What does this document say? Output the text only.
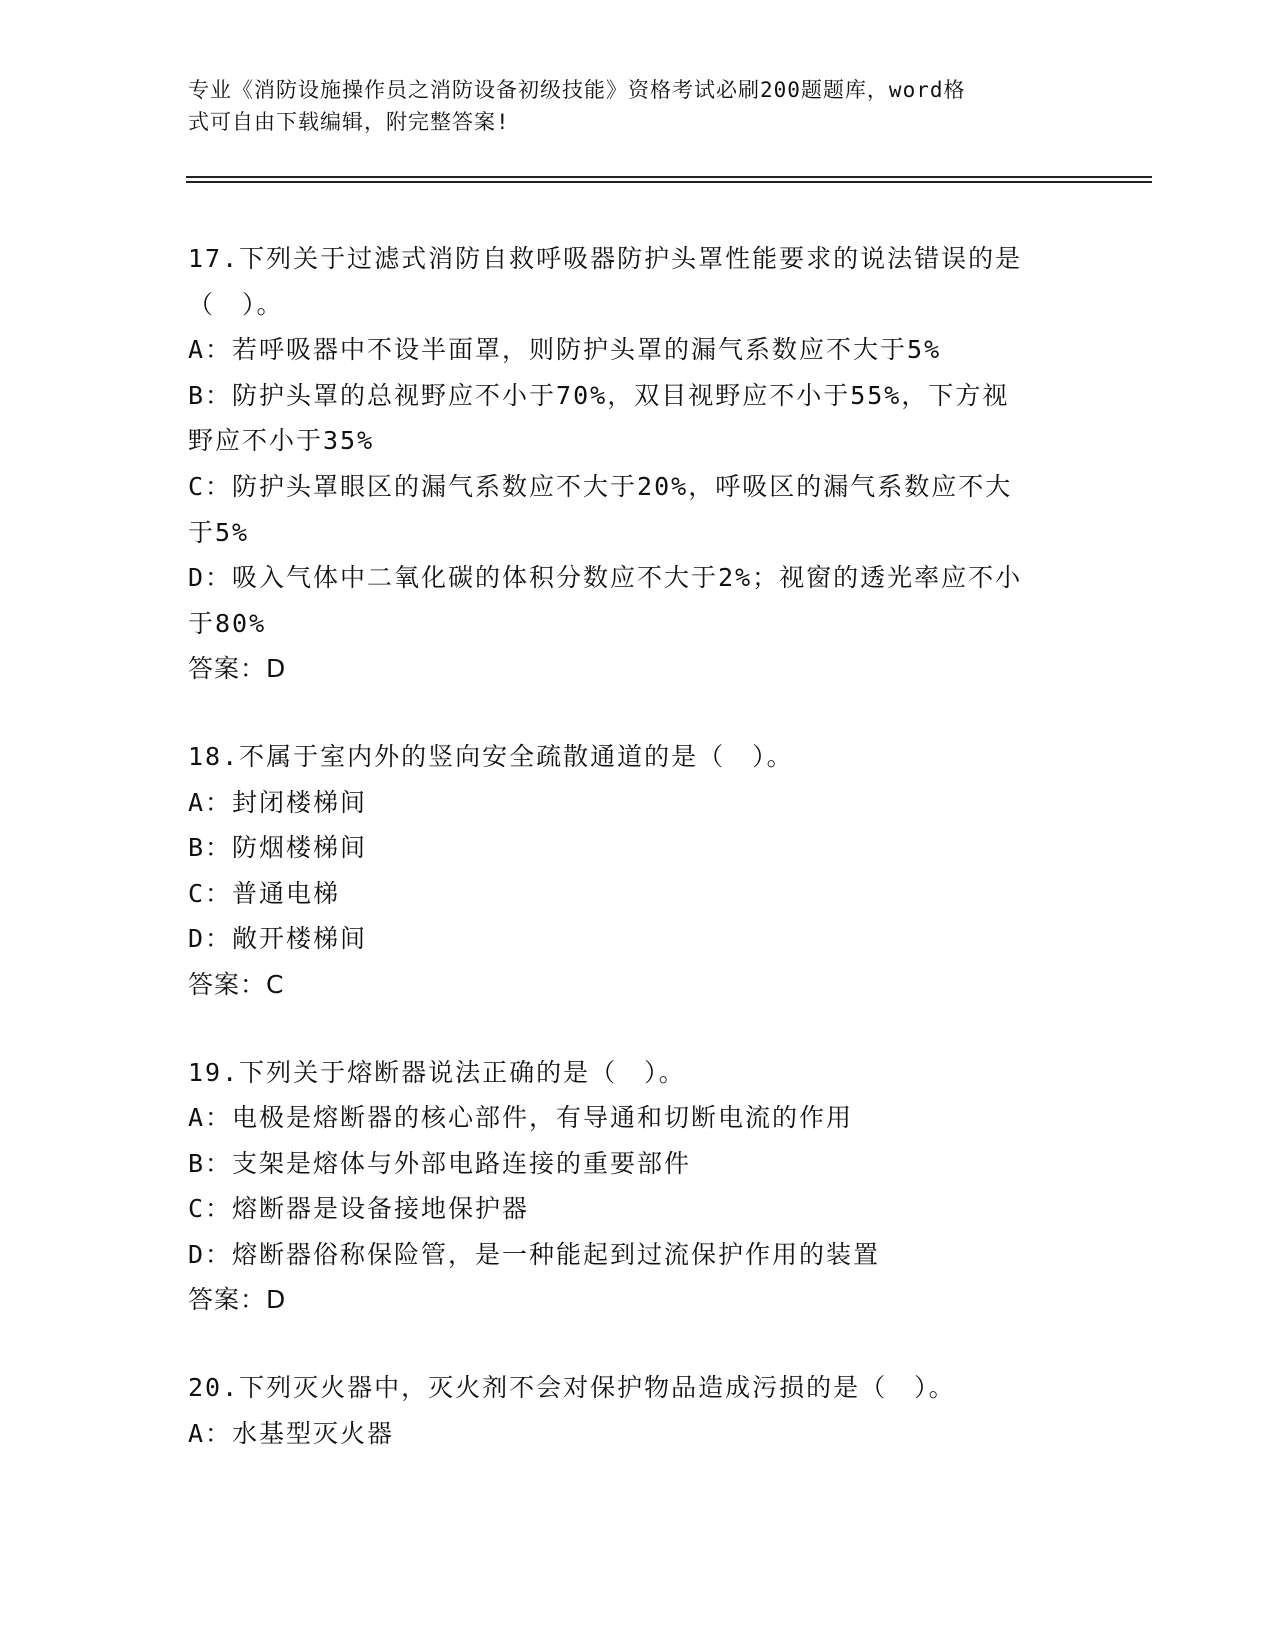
专业《消防设施操作员之消防设备初级技能》资格考试必刷200题题库，word格
式可自由下载编辑，附完整答案!
17.下列关于过滤式消防自救呼吸器防护头罩性能要求的说法错误的是
（　）。
A：若呼吸器中不设半面罩，则防护头罩的漏气系数应不大于5%
B：防护头罩的总视野应不小于70%，双目视野应不小于55%，下方视
野应不小于35%
C：防护头罩眼区的漏气系数应不大于20%，呼吸区的漏气系数应不大
于5%
D：吸入气体中二氧化碳的体积分数应不大于2%；视窗的透光率应不小
于80%
答案：D
18.不属于室内外的竖向安全疏散通道的是（　）。
A：封闭楼梯间
B：防烟楼梯间
C：普通电梯
D：敞开楼梯间
答案：C
19.下列关于熔断器说法正确的是（　）。
A：电极是熔断器的核心部件，有导通和切断电流的作用
B：支架是熔体与外部电路连接的重要部件
C：熔断器是设备接地保护器
D：熔断器俗称保险管，是一种能起到过流保护作用的装置
答案：D
20.下列灭火器中，灭火剂不会对保护物品造成污损的是（　）。
A：水基型灭火器
